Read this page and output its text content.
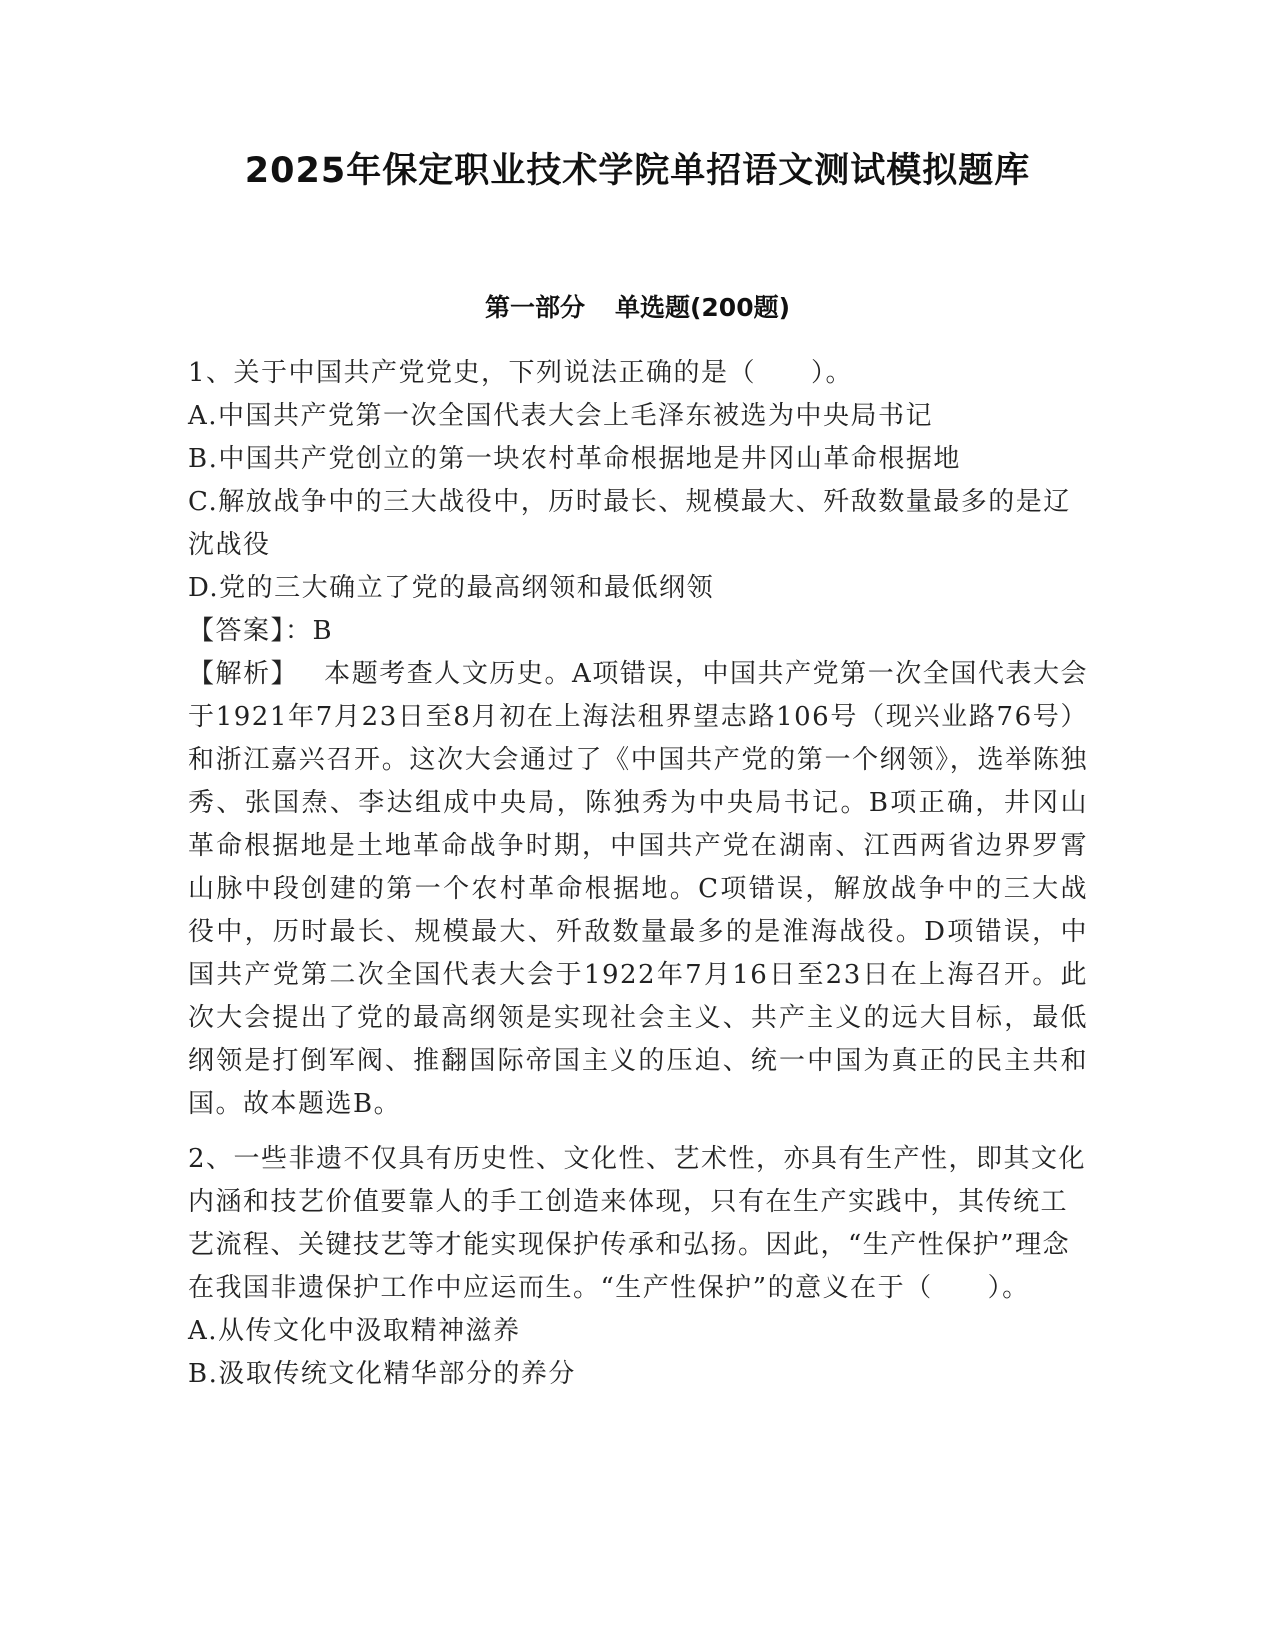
2025年保定职业技术学院单招语文测试模拟题库
第一部分 单选题(200题)

1、关于中国共产党党史，下列说法正确的是（　　）。

A.中国共产党第一次全国代表大会上毛泽东被选为中央局书记

B.中国共产党创立的第一块农村革命根据地是井冈山革命根据地

C.解放战争中的三大战役中，历时最长、规模最大、歼敌数量最多的是辽沈战役

D.党的三大确立了党的最高纲领和最低纲领

【答案】：B

【解析】 本题考查人文历史。A项错误，中国共产党第一次全国代表大会于1921年7月23日至8月初在上海法租界望志路106号（现兴业路76号）和浙江嘉兴召开。这次大会通过了《中国共产党的第一个纲领》，选举陈独秀、张国焘、李达组成中央局，陈独秀为中央局书记。B项正确，井冈山革命根据地是土地革命战争时期，中国共产党在湖南、江西两省边界罗霄山脉中段创建的第一个农村革命根据地。C项错误，解放战争中的三大战役中，历时最长、规模最大、歼敌数量最多的是淮海战役。D项错误，中国共产党第二次全国代表大会于1922年7月16日至23日在上海召开。此次大会提出了党的最高纲领是实现社会主义、共产主义的远大目标，最低纲领是打倒军阀、推翻国际帝国主义的压迫、统一中国为真正的民主共和国。故本题选B。

2、一些非遗不仅具有历史性、文化性、艺术性，亦具有生产性，即其文化内涵和技艺价值要靠人的手工创造来体现，只有在生产实践中，其传统工艺流程、关键技艺等才能实现保护传承和弘扬。因此，“生产性保护”理念在我国非遗保护工作中应运而生。“生产性保护”的意义在于（　　）。

A.从传文化中汲取精神滋养

B.汲取传统文化精华部分的养分
